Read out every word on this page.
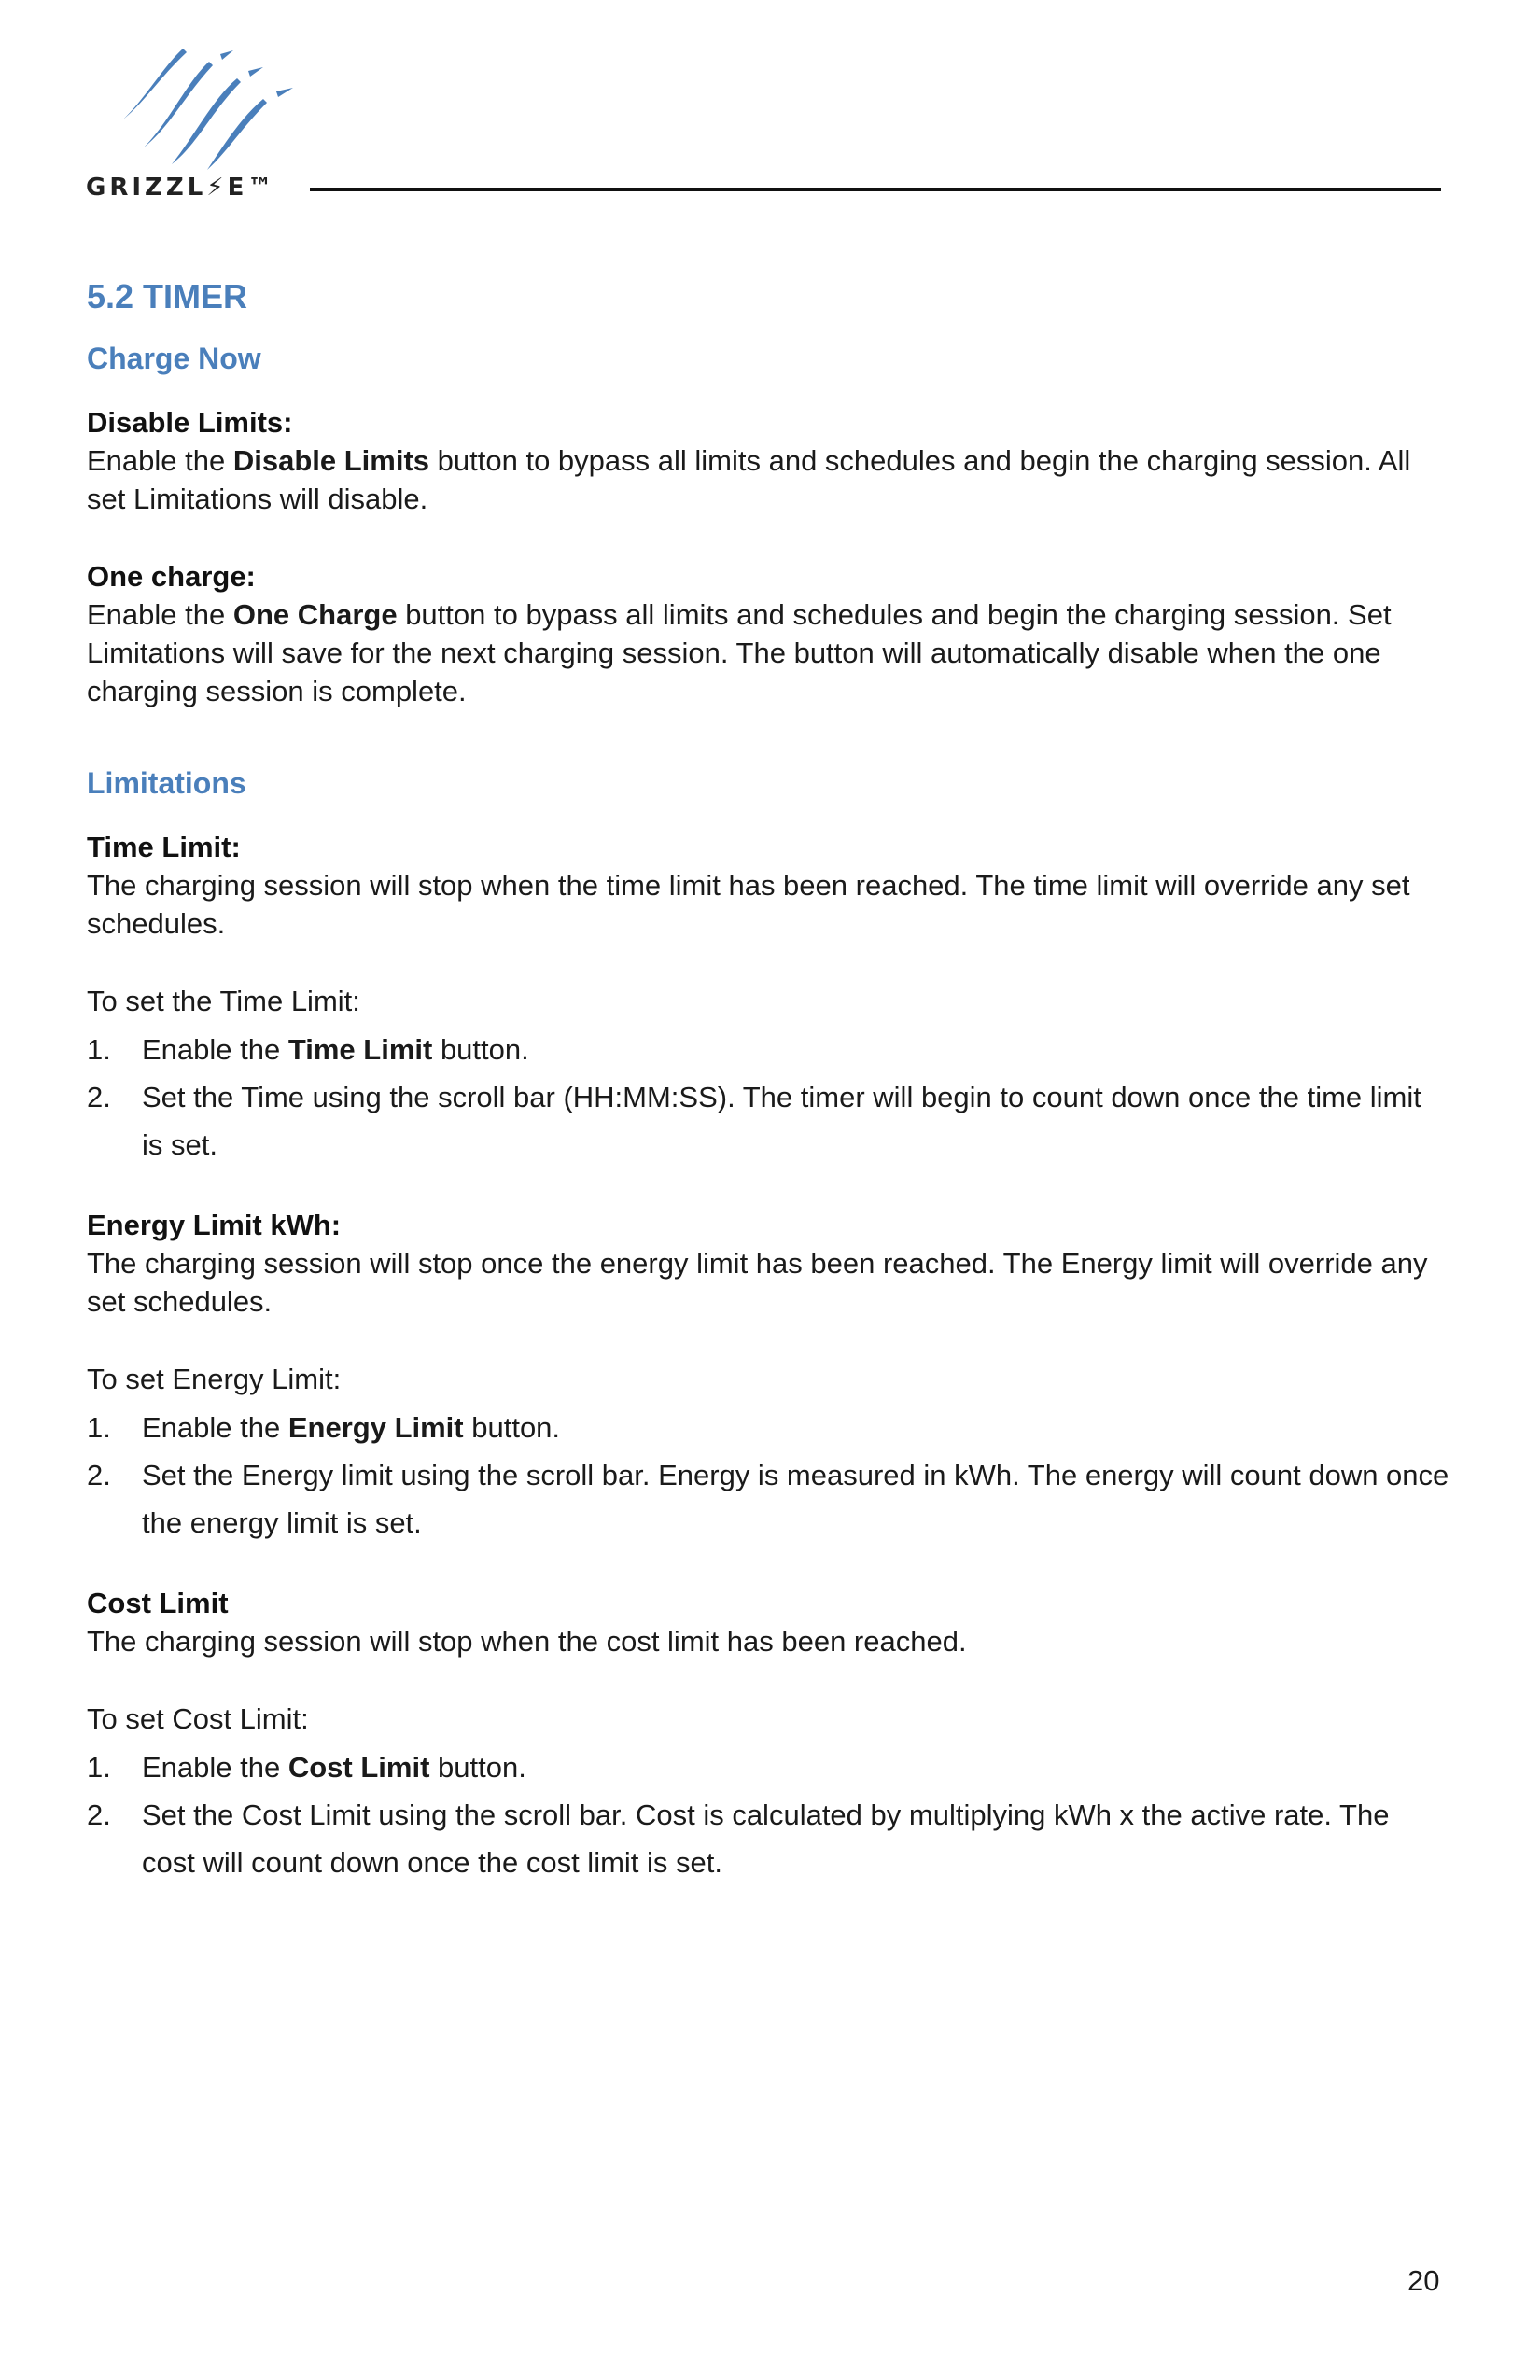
GRIZZL⚡E™
5.2 TIMER
Charge Now
Disable Limits:

Enable the Disable Limits button to bypass all limits and schedules and begin the charging session. All set Limitations will disable.

One charge:

Enable the One Charge button to bypass all limits and schedules and begin the charging session. Set Limitations will save for the next charging session. The button will automatically disable when the one charging session is complete.

Limitations
Time Limit:

The charging session will stop when the time limit has been reached. The time limit will override any set schedules.

To set the Time Limit:

1. Enable the Time Limit button.
2. Set the Time using the scroll bar (HH:MM:SS). The timer will begin to count down once the time limit is set.
Energy Limit kWh:

The charging session will stop once the energy limit has been reached. The Energy limit will override any set schedules.

To set Energy Limit:

1. Enable the Energy Limit button.
2. Set the Energy limit using the scroll bar. Energy is measured in kWh. The energy will count down once the energy limit is set.
Cost Limit

The charging session will stop when the cost limit has been reached.

To set Cost Limit:

1. Enable the Cost Limit button.
2. Set the Cost Limit using the scroll bar. Cost is calculated by multiplying kWh x the active rate. The cost will count down once the cost limit is set.
20
